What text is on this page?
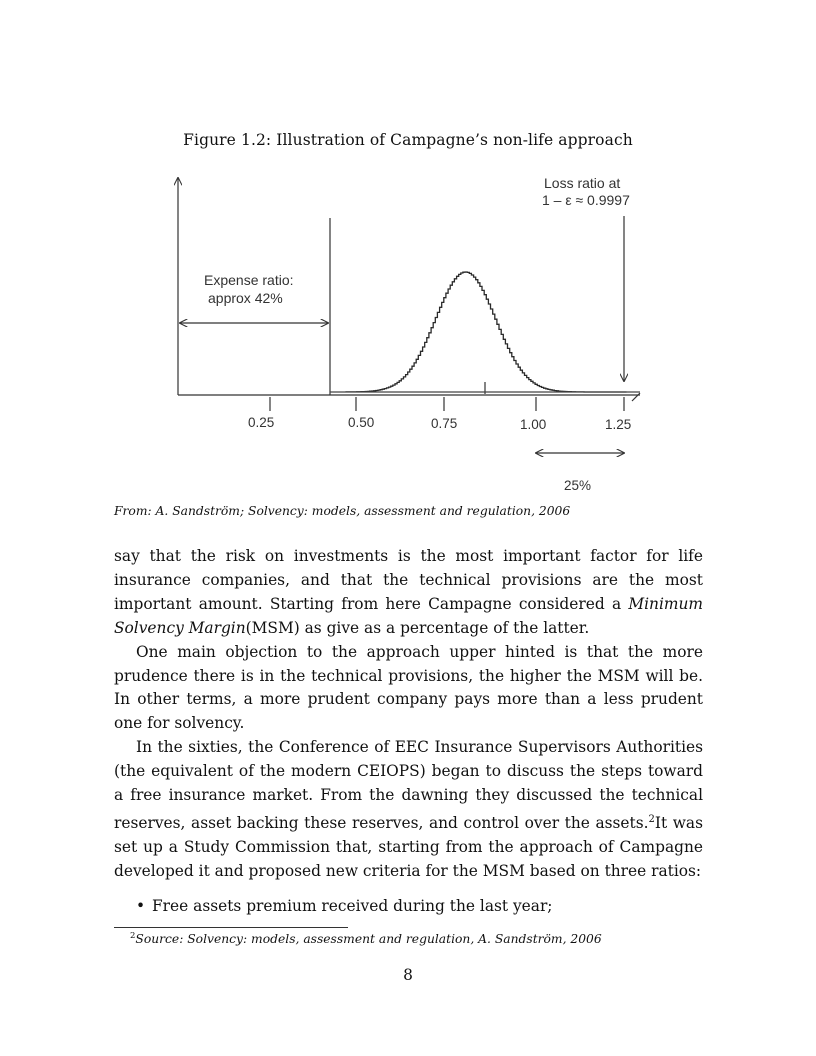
Figure 1.2: Illustration of Campagne’s non-life approach
0.25	0.50	0.75	1.00	1.25
Expense ratio:
approx 42%
Loss ratio at
1 – ε ≈ 0.9997
25%
From: A. Sandström; Solvency: models, assessment and regulation, 2006

say that the risk on investments is the most important factor for life insurance companies, and that the technical provisions are the most important amount. Starting from here Campagne considered a Minimum Solvency Margin(MSM) as give as a percentage of the latter.

One main objection to the approach upper hinted is that the more prudence there is in the technical provisions, the higher the MSM will be. In other terms, a more prudent company pays more than a less prudent one for solvency.

In the sixties, the Conference of EEC Insurance Supervisors Authorities (the equivalent of the modern CEIOPS) began to discuss the steps toward a free insurance market. From the dawning they discussed the technical reserves, asset backing these reserves, and control over the assets.$^2$It was set up a Study Commission that, starting from the approach of Campagne developed it and proposed new criteria for the MSM based on three ratios:

• Free assets premium received during the last year;
$^2$Source: Solvency: models, assessment and regulation, A. Sandström, 2006
8
